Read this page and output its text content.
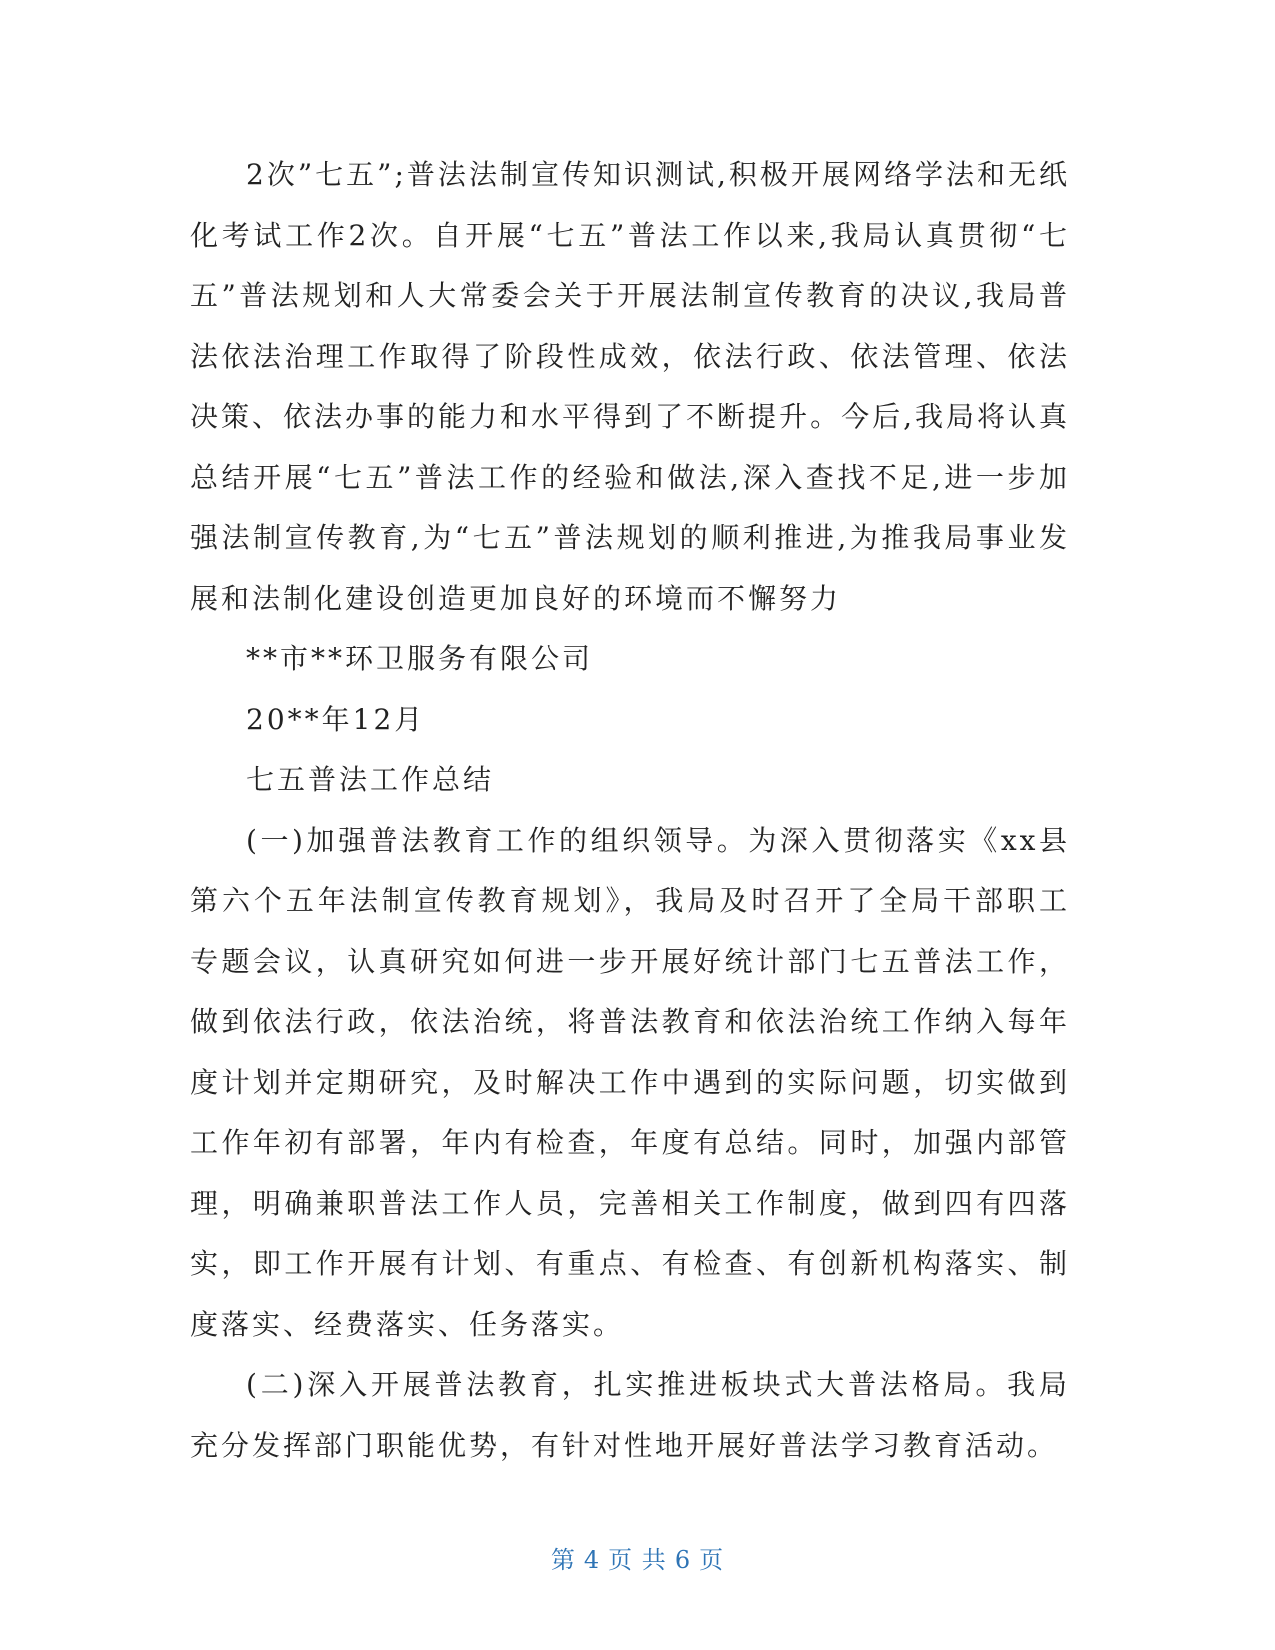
2次”七五”;普法法制宣传知识测试,积极开展网络学法和无纸化考试工作2次。自开展“七五”普法工作以来,我局认真贯彻“七五”普法规划和人大常委会关于开展法制宣传教育的决议,我局普法依法治理工作取得了阶段性成效，依法行政、依法管理、依法决策、依法办事的能力和水平得到了不断提升。今后,我局将认真总结开展“七五”普法工作的经验和做法,深入查找不足,进一步加强法制宣传教育,为“七五”普法规划的顺利推进,为推我局事业发展和法制化建设创造更加良好的环境而不懈努力

**市**环卫服务有限公司

20**年12月

七五普法工作总结

(一)加强普法教育工作的组织领导。为深入贯彻落实《xx县第六个五年法制宣传教育规划》，我局及时召开了全局干部职工专题会议，认真研究如何进一步开展好统计部门七五普法工作，做到依法行政，依法治统，将普法教育和依法治统工作纳入每年度计划并定期研究，及时解决工作中遇到的实际问题，切实做到工作年初有部署，年内有检查，年度有总结。同时，加强内部管理，明确兼职普法工作人员，完善相关工作制度，做到四有四落实，即工作开展有计划、有重点、有检查、有创新机构落实、制度落实、经费落实、任务落实。

(二)深入开展普法教育，扎实推进板块式大普法格局。我局充分发挥部门职能优势，有针对性地开展好普法学习教育活动。

第 4 页 共 6 页
